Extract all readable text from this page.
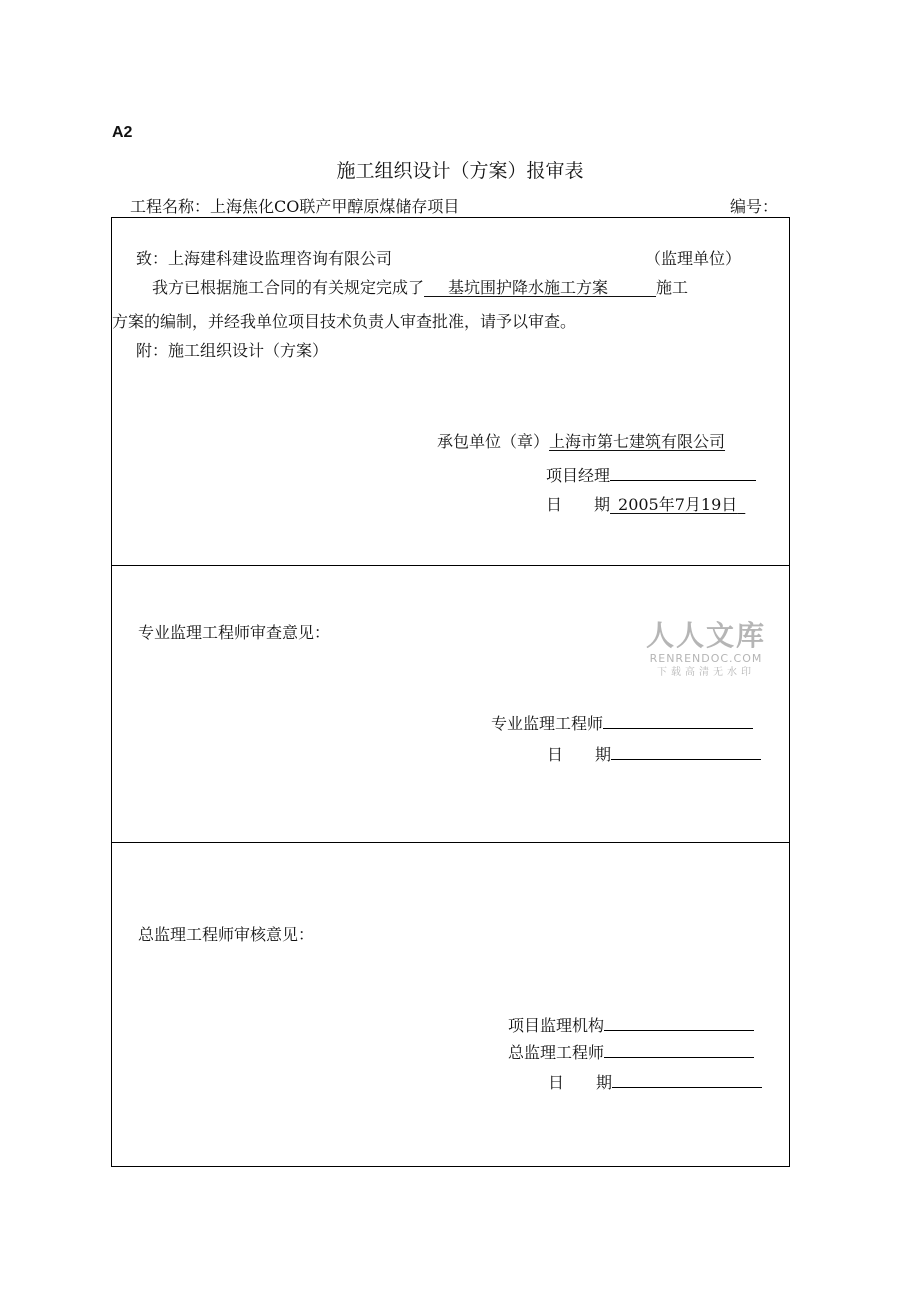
A2
施工组织设计（方案）报审表
工程名称：上海焦化CO联产甲醇原煤储存项目	编号：
致：上海建科建设监理咨询有限公司	（监理单位）
我方已根据施工合同的有关规定完成了    基坑围护降水施工方案      	施工
方案的编制，并经我单位项目技术负责人审查批准，请予以审查。
附：施工组织设计（方案）
承包单位（章）上海市第七建筑有限公司
项目经理
日　　期  2005年7月19日 
专业监理工程师审查意见：
专业监理工程师
日　　期
总监理工程师审核意见：
项目监理机构
总监理工程师
日　　期
人人文库
RENRENDOC.COM
下载高清无水印
